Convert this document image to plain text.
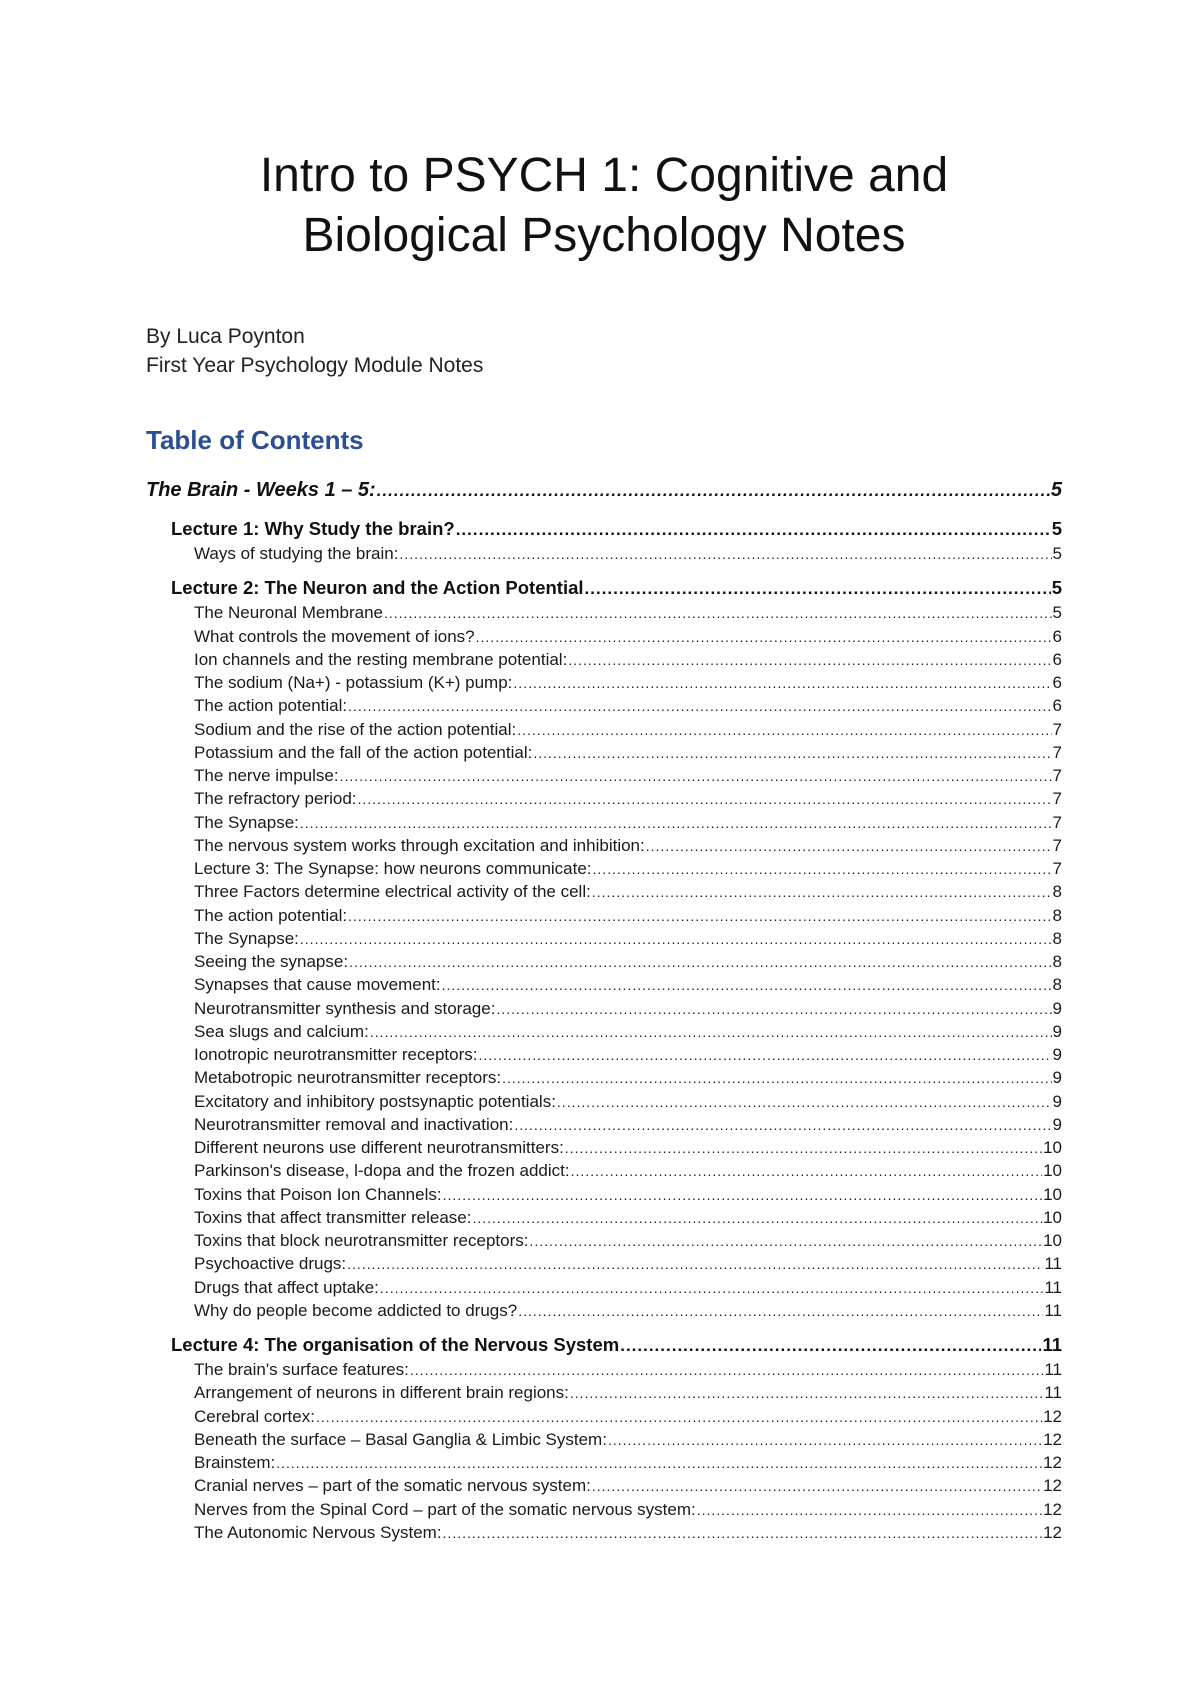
Intro to PSYCH 1: Cognitive and
Biological Psychology Notes
By Luca Poynton
First Year Psychology Module Notes
Table of Contents
The Brain - Weeks 1 – 5: .....	5
Lecture 1: Why Study the brain? .....	5
Ways of studying the brain: .....	5
Lecture 2: The Neuron and the Action Potential .....	5
The Neuronal Membrane .....	5
What controls the movement of ions? .....	6
Ion channels and the resting membrane potential: .....	6
The sodium (Na+) - potassium (K+) pump: .....	6
The action potential: .....	6
Sodium and the rise of the action potential: .....	7
Potassium and the fall of the action potential: .....	7
The nerve impulse: .....	7
The refractory period: .....	7
The Synapse: .....	7
The nervous system works through excitation and inhibition: .....	7
Lecture 3: The Synapse: how neurons communicate: .....	7
Three Factors determine electrical activity of the cell: .....	8
The action potential: .....	8
The Synapse: .....	8
Seeing the synapse: .....	8
Synapses that cause movement: .....	8
Neurotransmitter synthesis and storage: .....	9
Sea slugs and calcium: .....	9
Ionotropic neurotransmitter receptors: .....	9
Metabotropic neurotransmitter receptors: .....	9
Excitatory and inhibitory postsynaptic potentials: .....	9
Neurotransmitter removal and inactivation: .....	9
Different neurons use different neurotransmitters: .....	10
Parkinson's disease, l-dopa and the frozen addict: .....	10
Toxins that Poison Ion Channels: .....	10
Toxins that affect transmitter release: .....	10
Toxins that block neurotransmitter receptors: .....	10
Psychoactive drugs: .....	11
Drugs that affect uptake: .....	11
Why do people become addicted to drugs? .....	11
Lecture 4: The organisation of the Nervous System .....	11
The brain's surface features: .....	11
Arrangement of neurons in different brain regions: .....	11
Cerebral cortex: .....	12
Beneath the surface – Basal Ganglia & Limbic System: .....	12
Brainstem: .....	12
Cranial nerves – part of the somatic nervous system: .....	12
Nerves from the Spinal Cord – part of the somatic nervous system: .....	12
The Autonomic Nervous System: .....	12
